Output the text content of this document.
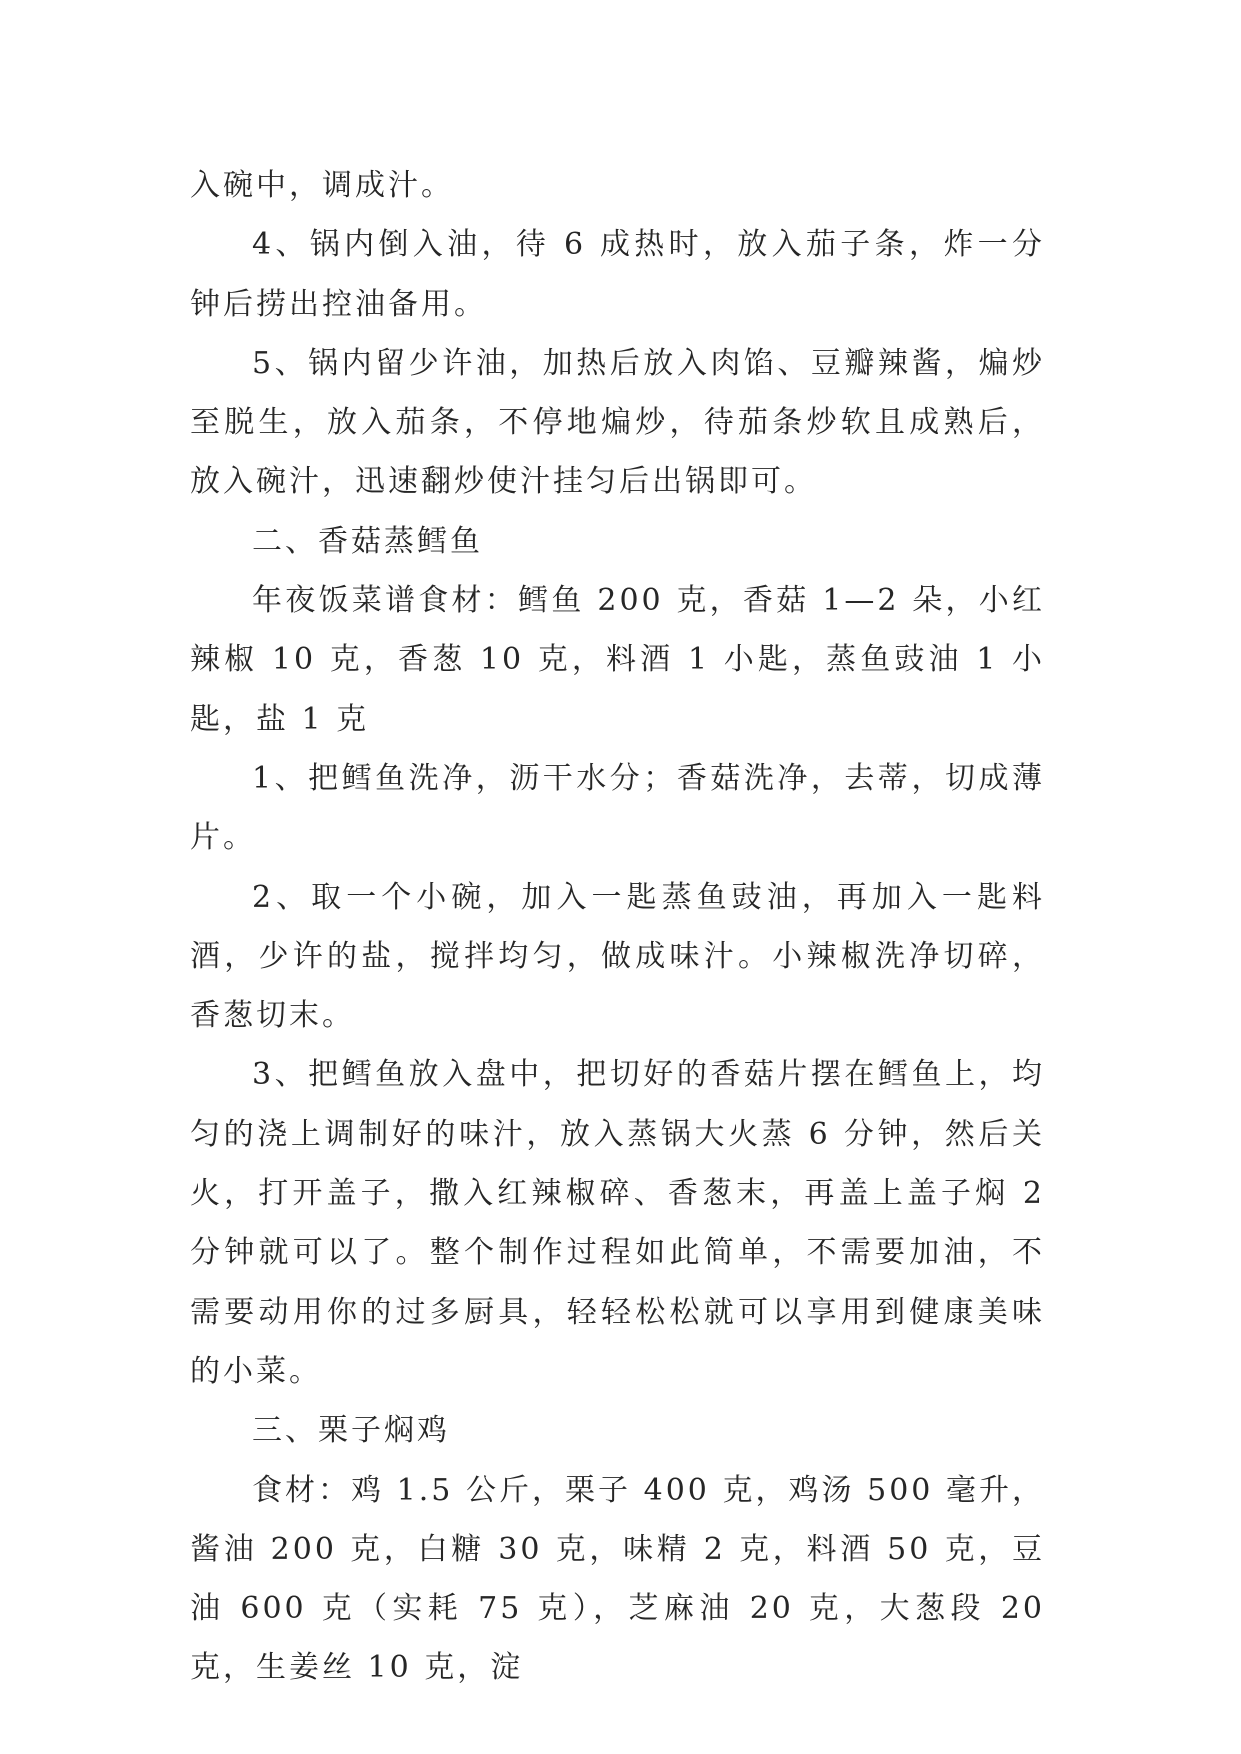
入碗中，调成汁。

4、锅内倒入油，待 6 成热时，放入茄子条，炸一分钟后捞出控油备用。

5、锅内留少许油，加热后放入肉馅、豆瓣辣酱，煸炒至脱生，放入茄条，不停地煸炒，待茄条炒软且成熟后，放入碗汁，迅速翻炒使汁挂匀后出锅即可。

二、香菇蒸鳕鱼

年夜饭菜谱食材：鳕鱼 200 克，香菇 1—2 朵，小红辣椒 10 克，香葱 10 克，料酒 1 小匙，蒸鱼豉油 1 小匙，盐 1 克

1、把鳕鱼洗净，沥干水分；香菇洗净，去蒂，切成薄片。

2、取一个小碗，加入一匙蒸鱼豉油，再加入一匙料酒，少许的盐，搅拌均匀，做成味汁。小辣椒洗净切碎，香葱切末。

3、把鳕鱼放入盘中，把切好的香菇片摆在鳕鱼上，均匀的浇上调制好的味汁，放入蒸锅大火蒸 6 分钟，然后关火，打开盖子，撒入红辣椒碎、香葱末，再盖上盖子焖 2 分钟就可以了。整个制作过程如此简单，不需要加油，不需要动用你的过多厨具，轻轻松松就可以享用到健康美味的小菜。

三、栗子焖鸡

食材：鸡 1.5 公斤，栗子 400 克，鸡汤 500 毫升，酱油 200 克，白糖 30 克，味精 2 克，料酒 50 克，豆油 600 克（实耗 75 克），芝麻油 20 克，大葱段 20 克，生姜丝 10 克，淀
